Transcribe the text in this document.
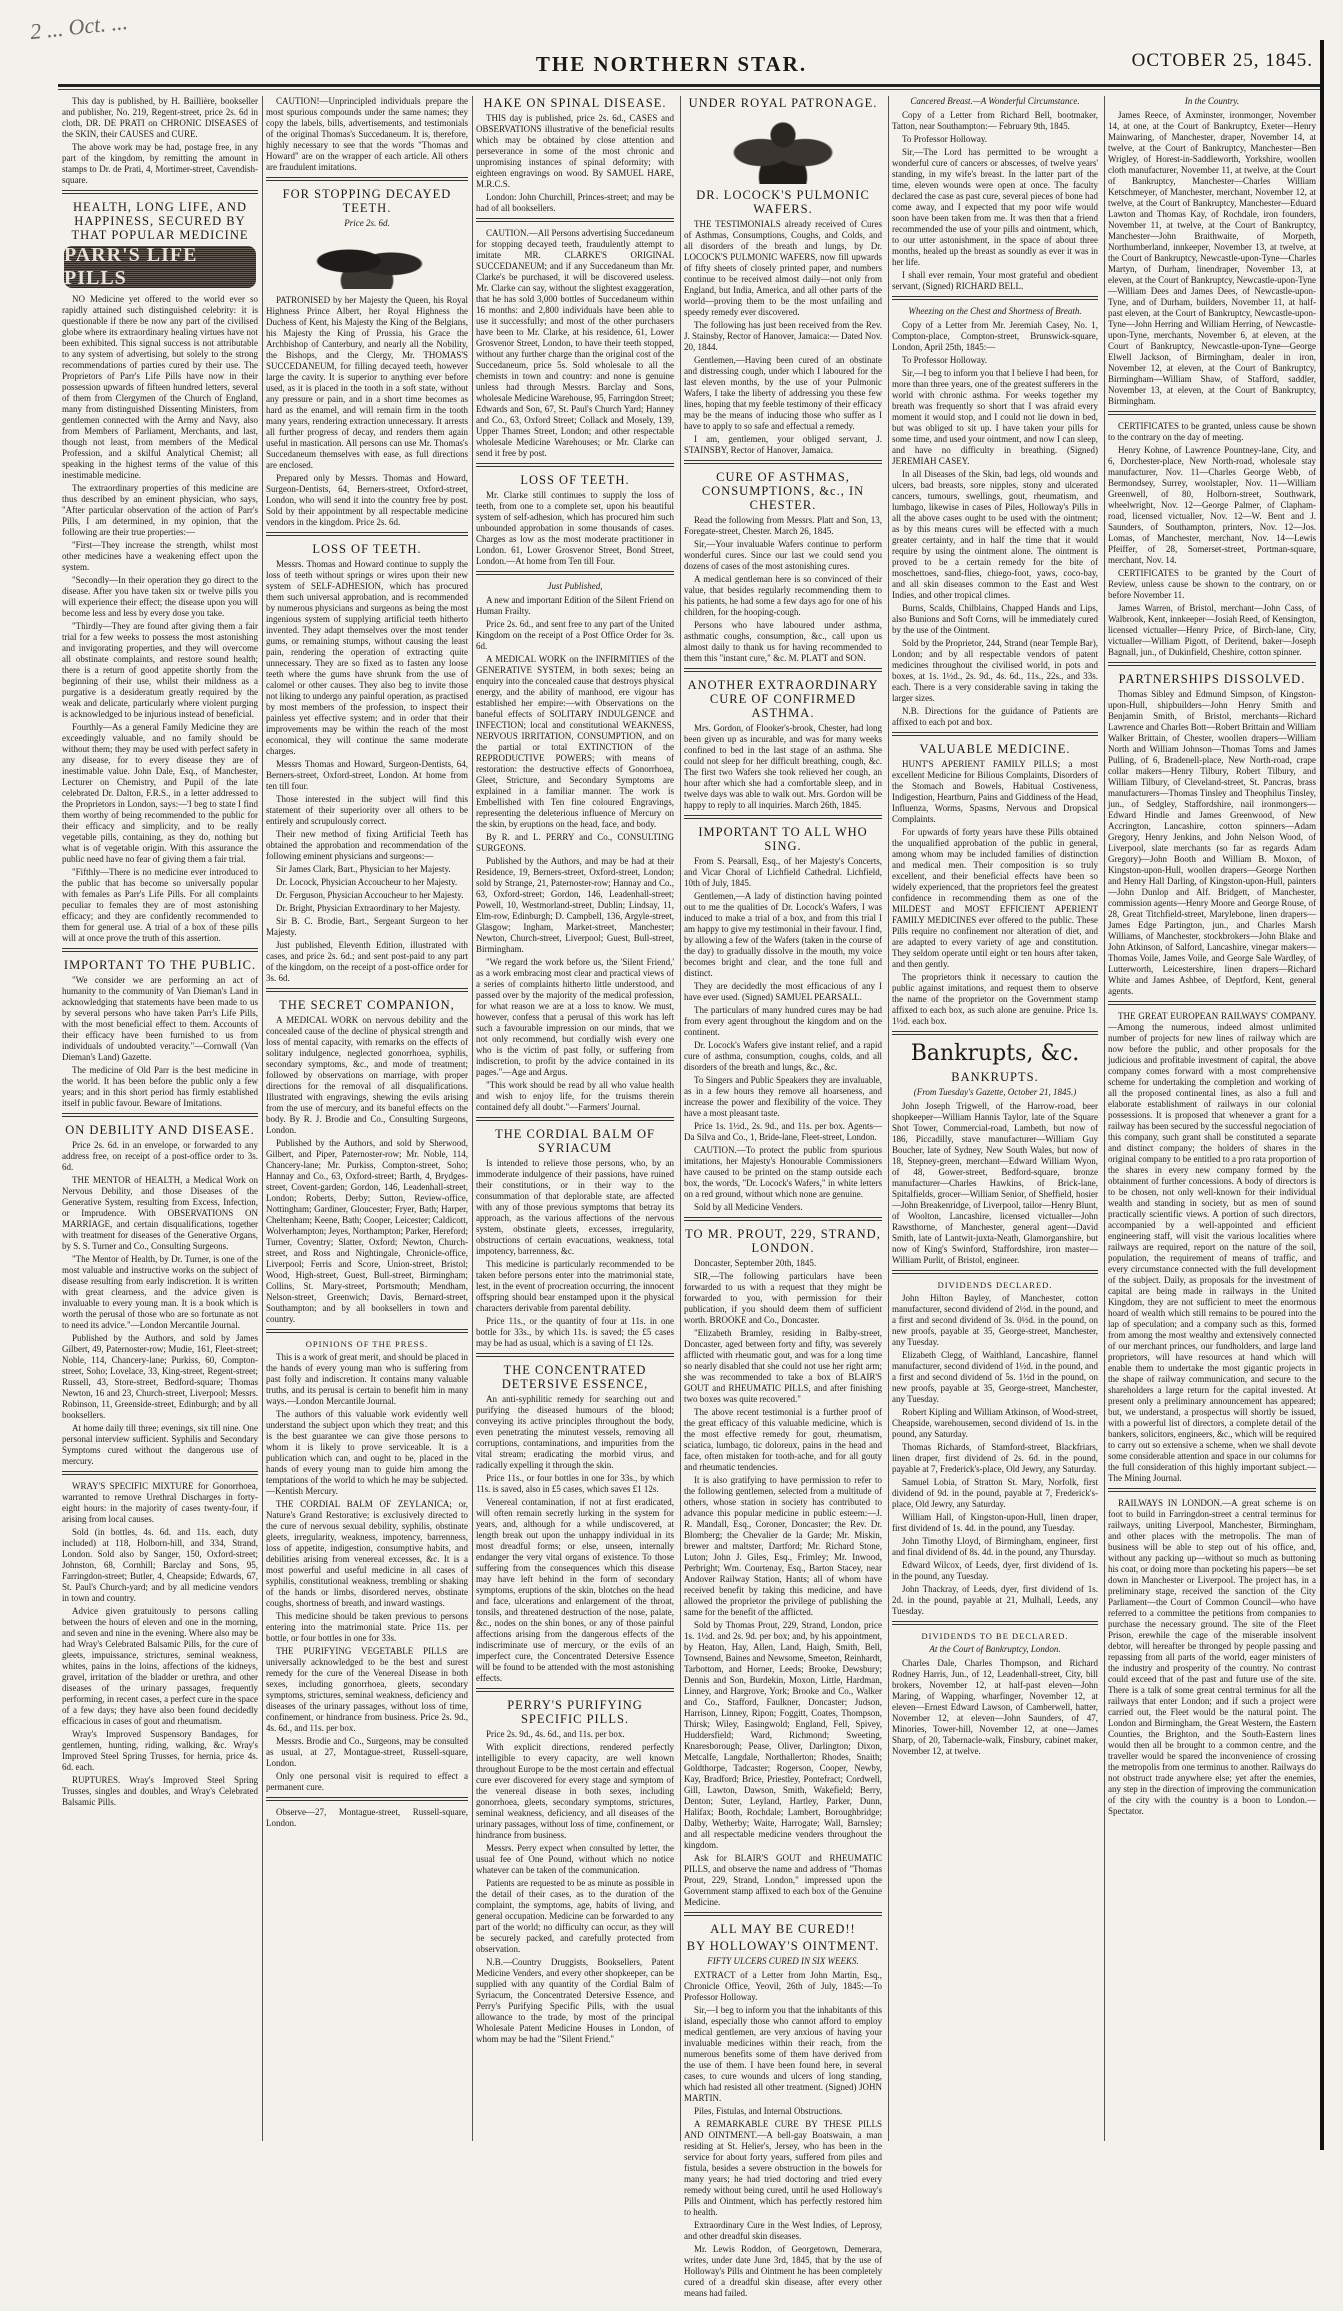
2 ... Oct. ...
THE NORTHERN STAR.	OCTOBER 25, 1845.

This day is published, by H. Baillière, bookseller and publisher, No. 219, Regent-street, price 2s. 6d in cloth, DR. DE PRATI on CHRONIC DISEASES of the SKIN, their CAUSES and CURE.

The above work may be had, postage free, in any part of the kingdom, by remitting the amount in stamps to Dr. de Prati, 4, Mortimer-street, Cavendish-square.

HEALTH, LONG LIFE, AND HAPPINESS, SECURED BY THAT POPULAR MEDICINE
PARR'S LIFE PILLS

NO Medicine yet offered to the world ever so rapidly attained such distinguished celebrity: it is questionable if there be now any part of the civilised globe where its extraordinary healing virtues have not been exhibited. This signal success is not attributable to any system of advertising, but solely to the strong recommendations of parties cured by their use. The Proprietors of Parr's Life Pills have now in their possession upwards of fifteen hundred letters, several of them from Clergymen of the Church of England, many from distinguished Dissenting Ministers, from gentlemen connected with the Army and Navy, also from Members of Parliament, Merchants, and last, though not least, from members of the Medical Profession, and a skilful Analytical Chemist; all speaking in the highest terms of the value of this inestimable medicine.

The extraordinary properties of this medicine are thus described by an eminent physician, who says, "After particular observation of the action of Parr's Pills, I am determined, in my opinion, that the following are their true properties:—

"First—They increase the strength, whilst most other medicines have a weakening effect upon the system.

"Secondly—In their operation they go direct to the disease. After you have taken six or twelve pills you will experience their effect; the disease upon you will become less and less by every dose you take.

"Thirdly—They are found after giving them a fair trial for a few weeks to possess the most astonishing and invigorating properties, and they will overcome all obstinate complaints, and restore sound health; there is a return of good appetite shortly from the beginning of their use, whilst their mildness as a purgative is a desideratum greatly required by the weak and delicate, particularly where violent purging is acknowledged to be injurious instead of beneficial.

Fourthly—As a general Family Medicine they are exceedingly valuable, and no family should be without them; they may be used with perfect safety in any disease, for to every disease they are of inestimable value. John Dale, Esq., of Manchester, Lecturer on Chemistry, and Pupil of the late celebrated Dr. Dalton, F.R.S., in a letter addressed to the Proprietors in London, says:—'I beg to state I find them worthy of being recommended to the public for their efficacy and simplicity, and to be really vegetable pills, containing, as they do, nothing but what is of vegetable origin. With this assurance the public need have no fear of giving them a fair trial.

"Fifthly—There is no medicine ever introduced to the public that has become so universally popular with females as Parr's Life Pills. For all complaints peculiar to females they are of most astonishing efficacy; and they are confidently recommended to them for general use. A trial of a box of these pills will at once prove the truth of this assertion.

IMPORTANT TO THE PUBLIC.

"We consider we are performing an act of humanity to the community of Van Dieman's Land in acknowledging that statements have been made to us by several persons who have taken Parr's Life Pills, with the most beneficial effect to them. Accounts of their efficacy have been furnished to us from individuals of undoubted veracity."—Cornwall (Van Dieman's Land) Gazette.

The medicine of Old Parr is the best medicine in the world. It has been before the public only a few years; and in this short period has firmly established itself in public favour. Beware of Imitations.

ON DEBILITY AND DISEASE.

Price 2s. 6d. in an envelope, or forwarded to any address free, on receipt of a post-office order to 3s. 6d.

THE MENTOR of HEALTH, a Medical Work on Nervous Debility, and those Diseases of the Generative System, resulting from Excess, Infection, or Imprudence. With OBSERVATIONS ON MARRIAGE, and certain disqualifications, together with treatment for diseases of the Generative Organs, by S. S. Turner and Co., Consulting Surgeons.

"The Mentor of Health, by Dr. Turner, is one of the most valuable and instructive works on the subject of disease resulting from early indiscretion. It is written with great clearness, and the advice given is invaluable to every young man. It is a book which is worth the perusal of those who are so fortunate as not to need its advice."—London Mercantile Journal.

Published by the Authors, and sold by James Gilbert, 49, Paternoster-row; Mudie, 161, Fleet-street; Noble, 114, Chancery-lane; Purkiss, 60, Compton-street, Soho; Lovelace, 33, King-street, Regent-street; Russell, 43, Store-street, Bedford-square; Thomas Newton, 16 and 23, Church-street, Liverpool; Messrs. Robinson, 11, Greenside-street, Edinburgh; and by all booksellers.

At home daily till three; evenings, six till nine. One personal interview sufficient. Syphilis and Secondary Symptoms cured without the dangerous use of mercury.

WRAY'S SPECIFIC MIXTURE for Gonorrhoea, warranted to remove Urethral Discharges in forty-eight hours: in the majority of cases twenty-four, if arising from local causes.

Sold (in bottles, 4s. 6d. and 11s. each, duty included) at 118, Holborn-hill, and 334, Strand, London. Sold also by Sanger, 150, Oxford-street; Johnston, 68, Cornhill; Barclay and Sons, 95, Farringdon-street; Butler, 4, Cheapside; Edwards, 67, St. Paul's Church-yard; and by all medicine vendors in town and country.

Advice given gratuitously to persons calling between the hours of eleven and one in the morning, and seven and nine in the evening. Where also may be had Wray's Celebrated Balsamic Pills, for the cure of gleets, impuissance, strictures, seminal weakness, whites, pains in the loins, affections of the kidneys, gravel, irritation of the bladder or urethra, and other diseases of the urinary passages, frequently performing, in recent cases, a perfect cure in the space of a few days; they have also been found decidedly efficacious in cases of gout and rheumatism.

Wray's Improved Suspensory Bandages, for gentlemen, hunting, riding, walking, &c. Wray's Improved Steel Spring Trusses, for hernia, price 4s. 6d. each.

RUPTURES. Wray's Improved Steel Spring Trusses, singles and doubles, and Wray's Celebrated Balsamic Pills.

CAUTION!—Unprincipled individuals prepare the most spurious compounds under the same names; they copy the labels, bills, advertisements, and testimonials of the original Thomas's Succedaneum. It is, therefore, highly necessary to see that the words "Thomas and Howard" are on the wrapper of each article. All others are fraudulent imitations.

FOR STOPPING DECAYED TEETH.
Price 2s. 6d.

PATRONISED by her Majesty the Queen, his Royal Highness Prince Albert, her Royal Highness the Duchess of Kent, his Majesty the King of the Belgians, his Majesty the King of Prussia, his Grace the Archbishop of Canterbury, and nearly all the Nobility, the Bishops, and the Clergy, Mr. THOMAS'S SUCCEDANEUM, for filling decayed teeth, however large the cavity. It is superior to anything ever before used, as it is placed in the tooth in a soft state, without any pressure or pain, and in a short time becomes as hard as the enamel, and will remain firm in the tooth many years, rendering extraction unnecessary. It arrests all further progress of decay, and renders them again useful in mastication. All persons can use Mr. Thomas's Succedaneum themselves with ease, as full directions are enclosed.

Prepared only by Messrs. Thomas and Howard, Surgeon-Dentists, 64, Berners-street, Oxford-street, London, who will send it into the country free by post. Sold by their appointment by all respectable medicine vendors in the kingdom. Price 2s. 6d.

LOSS OF TEETH.

Messrs. Thomas and Howard continue to supply the loss of teeth without springs or wires upon their new system of SELF-ADHESION, which has procured them such universal approbation, and is recommended by numerous physicians and surgeons as being the most ingenious system of supplying artificial teeth hitherto invented. They adapt themselves over the most tender gums, or remaining stumps, without causing the least pain, rendering the operation of extracting quite unnecessary. They are so fixed as to fasten any loose teeth where the gums have shrunk from the use of calomel or other causes. They also beg to invite those not liking to undergo any painful operation, as practised by most members of the profession, to inspect their painless yet effective system; and in order that their improvements may be within the reach of the most economical, they will continue the same moderate charges.

Messrs Thomas and Howard, Surgeon-Dentists, 64, Berners-street, Oxford-street, London. At home from ten till four.

Those interested in the subject will find this statement of their superiority over all others to be entirely and scrupulously correct.

Their new method of fixing Artificial Teeth has obtained the approbation and recommendation of the following eminent physicians and surgeons:—

Sir James Clark, Bart., Physician to her Majesty.

Dr. Locock, Physician Accoucheur to her Majesty.

Dr. Ferguson, Physician Accoucheur to her Majesty.

Dr. Bright, Physician Extraordinary to her Majesty.

Sir B. C. Brodie, Bart., Sergeant Surgeon to her Majesty.

Just published, Eleventh Edition, illustrated with cases, and price 2s. 6d.; and sent post-paid to any part of the kingdom, on the receipt of a post-office order for 3s. 6d.

THE SECRET COMPANION,

A MEDICAL WORK on nervous debility and the concealed cause of the decline of physical strength and loss of mental capacity, with remarks on the effects of solitary indulgence, neglected gonorrhoea, syphilis, secondary symptoms, &c., and mode of treatment; followed by observations on marriage, with proper directions for the removal of all disqualifications. Illustrated with engravings, shewing the evils arising from the use of mercury, and its baneful effects on the body. By R. J. Brodie and Co., Consulting Surgeons, London.

Published by the Authors, and sold by Sherwood, Gilbert, and Piper, Paternoster-row; Mr. Noble, 114, Chancery-lane; Mr. Purkiss, Compton-street, Soho; Hannay and Co., 63, Oxford-street; Barth, 4, Brydges-street, Covent-garden; Gordon, 146, Leadenhall-street, London; Roberts, Derby; Sutton, Review-office, Nottingham; Gardiner, Gloucester; Fryer, Bath; Harper, Cheltenham; Keene, Bath; Cooper, Leicester; Caldicott, Wolverhampton; Jeyes, Northampton; Parker, Hereford; Turner, Coventry; Slatter, Oxford; Newton, Church-street, and Ross and Nightingale, Chronicle-office, Liverpool; Ferris and Score, Union-street, Bristol; Wood, High-street, Guest, Bull-street, Birmingham; Collins, St. Mary-street, Portsmouth; Mendham, Nelson-street, Greenwich; Davis, Bernard-street, Southampton; and by all booksellers in town and country.

OPINIONS OF THE PRESS.

This is a work of great merit, and should be placed in the hands of every young man who is suffering from past folly and indiscretion. It contains many valuable truths, and its perusal is certain to benefit him in many ways.—London Mercantile Journal.

The authors of this valuable work evidently well understand the subject upon which they treat; and this is the best guarantee we can give those persons to whom it is likely to prove serviceable. It is a publication which can, and ought to be, placed in the hands of every young man to guide him among the temptations of the world to which he may be subjected.—Kentish Mercury.

THE CORDIAL BALM OF ZEYLANICA; or, Nature's Grand Restorative; is exclusively directed to the cure of nervous sexual debility, syphilis, obstinate gleets, irregularity, weakness, impotency, barrenness, loss of appetite, indigestion, consumptive habits, and debilities arising from venereal excesses, &c. It is a most powerful and useful medicine in all cases of syphilis, constitutional weakness, trembling or shaking of the hands or limbs, disordered nerves, obstinate coughs, shortness of breath, and inward wastings.

This medicine should be taken previous to persons entering into the matrimonial state. Price 11s. per bottle, or four bottles in one for 33s.

THE PURIFYING VEGETABLE PILLS are universally acknowledged to be the best and surest remedy for the cure of the Venereal Disease in both sexes, including gonorrhoea, gleets, secondary symptoms, strictures, seminal weakness, deficiency and diseases of the urinary passages, without loss of time, confinement, or hindrance from business. Price 2s. 9d., 4s. 6d., and 11s. per box.

Messrs. Brodie and Co., Surgeons, may be consulted as usual, at 27, Montague-street, Russell-square, London.

Only one personal visit is required to effect a permanent cure.

Observe—27, Montague-street, Russell-square, London.

HAKE ON SPINAL DISEASE.

THIS day is published, price 2s. 6d., CASES and OBSERVATIONS illustrative of the beneficial results which may be obtained by close attention and perseverance in some of the most chronic and unpromising instances of spinal deformity; with eighteen engravings on wood. By SAMUEL HARE, M.R.C.S.

London: John Churchill, Princes-street; and may be had of all booksellers.

CAUTION.—All Persons advertising Succedaneum for stopping decayed teeth, fraudulently attempt to imitate MR. CLARKE'S ORIGINAL SUCCEDANEUM; and if any Succedaneum than Mr. Clarke's be purchased, it will be discovered useless. Mr. Clarke can say, without the slightest exaggeration, that he has sold 3,000 bottles of Succedaneum within 16 months: and 2,800 individuals have been able to use it successfully; and most of the other purchasers have been to Mr. Clarke, at his residence, 61, Lower Grosvenor Street, London, to have their teeth stopped, without any further charge than the original cost of the Succedaneum, price 5s. Sold wholesale to all the chemists in town and country: and none is genuine unless had through Messrs. Barclay and Sons, wholesale Medicine Warehouse, 95, Farringdon Street; Edwards and Son, 67, St. Paul's Church Yard; Hanney and Co., 63, Oxford Street; Collack and Mosely, 139, Upper Thames Street, London; and other respectable wholesale Medicine Warehouses; or Mr. Clarke can send it free by post.

LOSS OF TEETH.

Mr. Clarke still continues to supply the loss of teeth, from one to a complete set, upon his beautiful system of self-adhesion, which has procured him such unbounded approbation in some thousands of cases. Charges as low as the most moderate practitioner in London. 61, Lower Grosvenor Street, Bond Street, London.—At home from Ten till Four.

Just Published,

A new and important Edition of the Silent Friend on Human Frailty.

Price 2s. 6d., and sent free to any part of the United Kingdom on the receipt of a Post Office Order for 3s. 6d.

A MEDICAL WORK on the INFIRMITIES of the GENERATIVE SYSTEM, in both sexes; being an enquiry into the concealed cause that destroys physical energy, and the ability of manhood, ere vigour has established her empire:—with Observations on the baneful effects of SOLITARY INDULGENCE and INFECTION; local and constitutional WEAKNESS, NERVOUS IRRITATION, CONSUMPTION, and on the partial or total EXTINCTION of the REPRODUCTIVE POWERS; with means of restoration: the destructive effects of Gonorrhoea, Gleet, Stricture, and Secondary Symptoms are explained in a familiar manner. The work is Embellished with Ten fine coloured Engravings, representing the deleterious influence of Mercury on the skin, by eruptions on the head, face, and body.

By R. and L. PERRY and Co., CONSULTING SURGEONS.

Published by the Authors, and may be had at their Residence, 19, Berners-street, Oxford-street, London; sold by Strange, 21, Paternoster-row; Hannay and Co., 63, Oxford-street; Gordon, 146, Leadenhall-street; Powell, 10, Westmorland-street, Dublin; Lindsay, 11, Elm-row, Edinburgh; D. Campbell, 136, Argyle-street, Glasgow; Ingham, Market-street, Manchester; Newton, Church-street, Liverpool; Guest, Bull-street, Birmingham.

"We regard the work before us, the 'Silent Friend,' as a work embracing most clear and practical views of a series of complaints hitherto little understood, and passed over by the majority of the medical profession, for what reason we are at a loss to know. We must, however, confess that a perusal of this work has left such a favourable impression on our minds, that we not only recommend, but cordially wish every one who is the victim of past folly, or suffering from indiscretion, to profit by the advice contained in its pages."—Age and Argus.

"This work should be read by all who value health and wish to enjoy life, for the truisms therein contained defy all doubt."—Farmers' Journal.

THE CORDIAL BALM OF SYRIACUM

Is intended to relieve those persons, who, by an immoderate indulgence of their passions, have ruined their constitutions, or in their way to the consummation of that deplorable state, are affected with any of those previous symptoms that betray its approach, as the various affections of the nervous system, obstinate gleets, excesses, irregularity, obstructions of certain evacuations, weakness, total impotency, barrenness, &c.

This medicine is particularly recommended to be taken before persons enter into the matrimonial state, lest, in the event of procreation occurring, the innocent offspring should bear enstamped upon it the physical characters derivable from parental debility.

Price 11s., or the quantity of four at 11s. in one bottle for 33s., by which 11s. is saved; the £5 cases may be had as usual, which is a saving of £1 12s.

THE CONCENTRATED DETERSIVE ESSENCE,

An anti-syphilitic remedy for searching out and purifying the diseased humours of the blood; conveying its active principles throughout the body, even penetrating the minutest vessels, removing all corruptions, contaminations, and impurities from the vital stream; eradicating the morbid virus, and radically expelling it through the skin.

Price 11s., or four bottles in one for 33s., by which 11s. is saved, also in £5 cases, which saves £1 12s.

Venereal contamination, if not at first eradicated, will often remain secretly lurking in the system for years, and, although for a while undiscovered, at length break out upon the unhappy individual in its most dreadful forms; or else, unseen, internally endanger the very vital organs of existence. To those suffering from the consequences which this disease may have left behind in the form of secondary symptoms, eruptions of the skin, blotches on the head and face, ulcerations and enlargement of the throat, tonsils, and threatened destruction of the nose, palate, &c., nodes on the shin bones, or any of those painful affections arising from the dangerous effects of the indiscriminate use of mercury, or the evils of an imperfect cure, the Concentrated Detersive Essence will be found to be attended with the most astonishing effects.

PERRY'S PURIFYING SPECIFIC PILLS.

Price 2s. 9d., 4s. 6d., and 11s. per box.

With explicit directions, rendered perfectly intelligible to every capacity, are well known throughout Europe to be the most certain and effectual cure ever discovered for every stage and symptom of the venereal disease in both sexes, including gonorrhoea, gleets, secondary symptoms, strictures, seminal weakness, deficiency, and all diseases of the urinary passages, without loss of time, confinement, or hindrance from business.

Messrs. Perry expect when consulted by letter, the usual fee of One Pound, without which no notice whatever can be taken of the communication.

Patients are requested to be as minute as possible in the detail of their cases, as to the duration of the complaint, the symptoms, age, habits of living, and general occupation. Medicine can be forwarded to any part of the world; no difficulty can occur, as they will be securely packed, and carefully protected from observation.

N.B.—Country Druggists, Booksellers, Patent Medicine Venders, and every other shopkeeper, can be supplied with any quantity of the Cordial Balm of Syriacum, the Concentrated Detersive Essence, and Perry's Purifying Specific Pills, with the usual allowance to the trade, by most of the principal Wholesale Patent Medicine Houses in London, of whom may be had the "Silent Friend."

UNDER ROYAL PATRONAGE.
DR. LOCOCK'S PULMONIC WAFERS.

THE TESTIMONIALS already received of Cures of Asthmas, Consumptions, Coughs, and Colds, and all disorders of the breath and lungs, by Dr. LOCOCK'S PULMONIC WAFERS, now fill upwards of fifty sheets of closely printed paper, and numbers continue to be received almost daily—not only from England, but India, America, and all other parts of the world—proving them to be the most unfailing and speedy remedy ever discovered.

The following has just been received from the Rev. J. Stainsby, Rector of Hanover, Jamaica:— Dated Nov. 20, 1844.

Gentlemen,—Having been cured of an obstinate and distressing cough, under which I laboured for the last eleven months, by the use of your Pulmonic Wafers, I take the liberty of addressing you these few lines, hoping that my feeble testimony of their efficacy may be the means of inducing those who suffer as I have to apply to so safe and effectual a remedy.

I am, gentlemen, your obliged servant, J. STAINSBY, Rector of Hanover, Jamaica.

CURE OF ASTHMAS, CONSUMPTIONS, &c., IN CHESTER.

Read the following from Messrs. Platt and Son, 13, Foregate-street, Chester. March 26, 1845.

Sir,—Your invaluable Wafers continue to perform wonderful cures. Since our last we could send you dozens of cases of the most astonishing cures.

A medical gentleman here is so convinced of their value, that besides regularly recommending them to his patients, he had some a few days ago for one of his children, for the hooping-cough.

Persons who have laboured under asthma, asthmatic coughs, consumption, &c., call upon us almost daily to thank us for having recommended to them this "instant cure," &c. M. PLATT and SON.

ANOTHER EXTRAORDINARY CURE OF CONFIRMED ASTHMA.

Mrs. Gordon, of Flooker's-brook, Chester, had long been given up as incurable, and was for many weeks confined to bed in the last stage of an asthma. She could not sleep for her difficult breathing, cough, &c. The first two Wafers she took relieved her cough, an hour after which she had a comfortable sleep, and in twelve days was able to walk out. Mrs. Gordon will be happy to reply to all inquiries. March 26th, 1845.

IMPORTANT TO ALL WHO SING.

From S. Pearsall, Esq., of her Majesty's Concerts, and Vicar Choral of Lichfield Cathedral. Lichfield, 10th of July, 1845.

Gentlemen,—A lady of distinction having pointed out to me the qualities of Dr. Locock's Wafers, I was induced to make a trial of a box, and from this trial I am happy to give my testimonial in their favour. I find, by allowing a few of the Wafers (taken in the course of the day) to gradually dissolve in the mouth, my voice becomes bright and clear, and the tone full and distinct.

They are decidedly the most efficacious of any I have ever used. (Signed) SAMUEL PEARSALL.

The particulars of many hundred cures may be had from every agent throughout the kingdom and on the continent.

Dr. Locock's Wafers give instant relief, and a rapid cure of asthma, consumption, coughs, colds, and all disorders of the breath and lungs, &c., &c.

To Singers and Public Speakers they are invaluable, as in a few hours they remove all hoarseness, and increase the power and flexibility of the voice. They have a most pleasant taste.

Price 1s. 1½d., 2s. 9d., and 11s. per box. Agents—Da Silva and Co., 1, Bride-lane, Fleet-street, London.

CAUTION.—To protect the public from spurious imitations, her Majesty's Honourable Commissioners have caused to be printed on the stamp outside each box, the words, "Dr. Locock's Wafers," in white letters on a red ground, without which none are genuine.

Sold by all Medicine Venders.

TO MR. PROUT, 229, STRAND, LONDON.

Doncaster, September 20th, 1845.

SIR,—The following particulars have been forwarded to us with a request that they might be forwarded to you, with permission for their publication, if you should deem them of sufficient worth. BROOKE and Co., Doncaster.

"Elizabeth Bramley, residing in Balby-street, Doncaster, aged between forty and fifty, was severely afflicted with rheumatic gout, and was for a long time so nearly disabled that she could not use her right arm; she was recommended to take a box of BLAIR'S GOUT and RHEUMATIC PILLS, and after finishing two boxes was quite recovered."

The above recent testimonial is a further proof of the great efficacy of this valuable medicine, which is the most effective remedy for gout, rheumatism, sciatica, lumbago, tic doloreux, pains in the head and face, often mistaken for tooth-ache, and for all gouty and rheumatic tendencies.

It is also gratifying to have permission to refer to the following gentlemen, selected from a multitude of others, whose station in society has contributed to advance this popular medicine in public esteem:—J. R. Mandall, Esq., Coroner, Doncaster; the Rev. Dr. Blomberg; the Chevalier de la Garde; Mr. Miskin, brewer and maltster, Dartford; Mr. Richard Stone, Luton; John J. Giles, Esq., Frimley; Mr. Inwood, Perbright; Wm. Courtenay, Esq., Barton Stacey, near Andover Railway Station, Hants; all of whom have received benefit by taking this medicine, and have allowed the proprietor the privilege of publishing the same for the benefit of the afflicted.

Sold by Thomas Prout, 229, Strand, London, price 1s. 1½d. and 2s. 9d. per box; and, by his appointment, by Heaton, Hay, Allen, Land, Haigh, Smith, Bell, Townsend, Baines and Newsome, Smeeton, Reinhardt, Tarbottom, and Horner, Leeds; Brooke, Dewsbury; Dennis and Son, Burdekin, Moxon, Little, Hardman, Linney, and Hargrove, York; Brooke and Co., Walker and Co., Stafford, Faulkner, Doncaster; Judson, Harrison, Linney, Ripon; Foggitt, Coates, Thompson, Thirsk; Wiley, Easingwold; England, Fell, Spivey, Huddersfield; Ward, Richmond; Sweeting, Knaresborough; Pease, Oliver, Darlington; Dixon, Metcalfe, Langdale, Northallerton; Rhodes, Snaith; Goldthorpe, Tadcaster; Rogerson, Cooper, Newby, Kay, Bradford; Brice, Priestley, Pontefract; Cordwell, Gill, Lawton, Dawson, Smith, Wakefield; Berry, Denton; Suter, Leyland, Hartley, Parker, Dunn, Halifax; Booth, Rochdale; Lambert, Boroughbridge; Dalby, Wetherby; Waite, Harrogate; Wall, Barnsley; and all respectable medicine venders throughout the kingdom.

Ask for BLAIR'S GOUT and RHEUMATIC PILLS, and observe the name and address of "Thomas Prout, 229, Strand, London," impressed upon the Government stamp affixed to each box of the Genuine Medicine.

ALL MAY BE CURED!!
BY HOLLOWAY'S OINTMENT.
FIFTY ULCERS CURED IN SIX WEEKS.

EXTRACT of a Letter from John Martin, Esq., Chronicle Office, Yeovil, 26th of July, 1845:—To Professor Holloway.

Sir,—I beg to inform you that the inhabitants of this island, especially those who cannot afford to employ medical gentlemen, are very anxious of having your invaluable medicines within their reach, from the numerous benefits some of them have derived from the use of them. I have been found here, in several cases, to cure wounds and ulcers of long standing, which had resisted all other treatment. (Signed) JOHN MARTIN.

Piles, Fistulas, and Internal Obstructions.

A REMARKABLE CURE BY THESE PILLS AND OINTMENT.—A bell-gay Boatswain, a man residing at St. Helier's, Jersey, who has been in the service for about forty years, suffered from piles and fistula, besides a severe obstruction in the bowels for many years; he had tried doctoring and tried every remedy without being cured, until he used Holloway's Pills and Ointment, which has perfectly restored him to health.

Extraordinary Cure in the West Indies, of Leprosy, and other dreadful skin diseases.

Mr. Lewis Roddon, of Georgetown, Demerara, writes, under date June 3rd, 1845, that by the use of Holloway's Pills and Ointment he has been completely cured of a dreadful skin disease, after every other means had failed.

Cancered Breast.—A Wonderful Circumstance.

Copy of a Letter from Richard Bell, bootmaker, Tatton, near Southampton:— February 9th, 1845.

To Professor Holloway.

Sir,—The Lord has permitted to be wrought a wonderful cure of cancers or abscesses, of twelve years' standing, in my wife's breast. In the latter part of the time, eleven wounds were open at once. The faculty declared the case as past cure, several pieces of bone had come away, and I expected that my poor wife would soon have been taken from me. It was then that a friend recommended the use of your pills and ointment, which, to our utter astonishment, in the space of about three months, healed up the breast as soundly as ever it was in her life.

I shall ever remain, Your most grateful and obedient servant, (Signed) RICHARD BELL.

Wheezing on the Chest and Shortness of Breath.

Copy of a Letter from Mr. Jeremiah Casey, No. 1, Compton-place, Compton-street, Brunswick-square, London, April 25th, 1845:—

To Professor Holloway.

Sir,—I beg to inform you that I believe I had been, for more than three years, one of the greatest sufferers in the world with chronic asthma. For weeks together my breath was frequently so short that I was afraid every moment it would stop, and I could not lie down in bed, but was obliged to sit up. I have taken your pills for some time, and used your ointment, and now I can sleep, and have no difficulty in breathing. (Signed) JEREMIAH CASEY.

In all Diseases of the Skin, bad legs, old wounds and ulcers, bad breasts, sore nipples, stony and ulcerated cancers, tumours, swellings, gout, rheumatism, and lumbago, likewise in cases of Piles, Holloway's Pills in all the above cases ought to be used with the ointment; as by this means cures will be effected with a much greater certainty, and in half the time that it would require by using the ointment alone. The ointment is proved to be a certain remedy for the bite of moschettoes, sand-flies, chiego-foot, yaws, coco-bay, and all skin diseases common to the East and West Indies, and other tropical climes.

Burns, Scalds, Chilblains, Chapped Hands and Lips, also Bunions and Soft Corns, will be immediately cured by the use of the Ointment.

Sold by the Proprietor, 244, Strand (near Temple Bar), London; and by all respectable vendors of patent medicines throughout the civilised world, in pots and boxes, at 1s. 1½d., 2s. 9d., 4s. 6d., 11s., 22s., and 33s. each. There is a very considerable saving in taking the larger sizes.

N.B. Directions for the guidance of Patients are affixed to each pot and box.

VALUABLE MEDICINE.

HUNT'S APERIENT FAMILY PILLS; a most excellent Medicine for Bilious Complaints, Disorders of the Stomach and Bowels, Habitual Costiveness, Indigestion, Heartburn, Pains and Giddiness of the Head, Influenza, Worms, Spasms, Nervous and Dropsical Complaints.

For upwards of forty years have these Pills obtained the unqualified approbation of the public in general, among whom may be included families of distinction and medical men. Their composition is so truly excellent, and their beneficial effects have been so widely experienced, that the proprietors feel the greatest confidence in recommending them as one of the MILDEST and MOST EFFICIENT APERIENT FAMILY MEDICINES ever offered to the public. These Pills require no confinement nor alteration of diet, and are adapted to every variety of age and constitution. They seldom operate until eight or ten hours after taken, and then gently.

The proprietors think it necessary to caution the public against imitations, and request them to observe the name of the proprietor on the Government stamp affixed to each box, as such alone are genuine. Price 1s. 1½d. each box.

Bankrupts, &c.
BANKRUPTS.
(From Tuesday's Gazette, October 21, 1845.)

John Joseph Trigwell, of the Harrow-road, beer shopkeeper—William Hannis Taylor, late of the Square Shot Tower, Commercial-road, Lambeth, but now of 186, Piccadilly, stave manufacturer—William Guy Boucher, late of Sydney, New South Wales, but now of 18, Stepney-green, merchant—Edward William Wyon, of 48, Gower-street, Bedford-square, bronze manufacturer—Charles Hawkins, of Brick-lane, Spitalfields, grocer—William Senior, of Sheffield, hosier—John Breakenridge, of Liverpool, tailor—Henry Blunt, of Woolton, Lancashire, licensed victualler—John Rawsthorne, of Manchester, general agent—David Smith, late of Lantwit-juxta-Neath, Glamorganshire, but now of King's Swinford, Staffordshire, iron master—William Purlit, of Bristol, engineer.

DIVIDENDS DECLARED.

John Hilton Bayley, of Manchester, cotton manufacturer, second dividend of 2½d. in the pound, and a first and second dividend of 3s. 0½d. in the pound, on new proofs, payable at 35, George-street, Manchester, any Tuesday.

Elizabeth Clegg, of Waithland, Lancashire, flannel manufacturer, second dividend of 1½d. in the pound, and a first and second dividend of 5s. 1½d in the pound, on new proofs, payable at 35, George-street, Manchester, any Tuesday.

Robert Kipling and William Atkinson, of Wood-street, Cheapside, warehousemen, second dividend of 1s. in the pound, any Saturday.

Thomas Richards, of Stamford-street, Blackfriars, linen draper, first dividend of 2s. 6d. in the pound, payable at 7, Frederick's-place, Old Jewry, any Saturday.

Samuel Lobia, of Stratton St. Mary, Norfolk, first dividend of 9d. in the pound, payable at 7, Frederick's-place, Old Jewry, any Saturday.

William Hall, of Kingston-upon-Hull, linen draper, first dividend of 1s. 4d. in the pound, any Tuesday.

John Timothy Lloyd, of Birmingham, engineer, first and final dividend of 8s. 4d. in the pound, any Thursday.

Edward Wilcox, of Leeds, dyer, first dividend of 1s. in the pound, any Tuesday.

John Thackray, of Leeds, dyer, first dividend of 1s. 2d. in the pound, payable at 21, Mulhall, Leeds, any Tuesday.

DIVIDENDS TO BE DECLARED.
At the Court of Bankruptcy, London.

Charles Dale, Charles Thompson, and Richard Rodney Harris, Jun., of 12, Leadenhall-street, City, bill brokers, November 12, at half-past eleven—John Maring, of Wapping, wharfinger, November 12, at eleven—Ernest Edward Lawson, of Camberwell, hatter, November 12, at eleven—John Saunders, of 47, Minories, Tower-hill, November 12, at one—James Sharp, of 20, Tabernacle-walk, Finsbury, cabinet maker, November 12, at twelve.

In the Country.

James Reece, of Axminster, ironmonger, November 14, at one, at the Court of Bankruptcy, Exeter—Henry Mainwaring, of Manchester, draper, November 14, at twelve, at the Court of Bankruptcy, Manchester—Ben Wrigley, of Horest-in-Saddleworth, Yorkshire, woollen cloth manufacturer, November 11, at twelve, at the Court of Bankruptcy, Manchester—Charles William Ketschmeyer, of Manchester, merchant, November 12, at twelve, at the Court of Bankruptcy, Manchester—Eduard Lawton and Thomas Kay, of Rochdale, iron founders, November 11, at twelve, at the Court of Bankruptcy, Manchester—John Braithwaite, of Morpeth, Northumberland, innkeeper, November 13, at twelve, at the Court of Bankruptcy, Newcastle-upon-Tyne—Charles Martyn, of Durham, linendraper, November 13, at eleven, at the Court of Bankruptcy, Newcastle-upon-Tyne—William Dees and James Dees, of Newcastle-upon-Tyne, and of Durham, builders, November 11, at half-past eleven, at the Court of Bankruptcy, Newcastle-upon-Tyne—John Herring and William Herring, of Newcastle-upon-Tyne, merchants, November 6, at eleven, at the Court of Bankruptcy, Newcastle-upon-Tyne—George Elwell Jackson, of Birmingham, dealer in iron, November 12, at eleven, at the Court of Bankruptcy, Birmingham—William Shaw, of Stafford, saddler, November 13, at eleven, at the Court of Bankruptcy, Birmingham.

CERTIFICATES to be granted, unless cause be shown to the contrary on the day of meeting.

Henry Kohne, of Lawrence Pountney-lane, City, and 6, Dorchester-place, New North-road, wholesale stay manufacturer, Nov. 11—Charles George Webb, of Bermondsey, Surrey, woolstapler, Nov. 11—William Greenwell, of 80, Holborn-street, Southwark, wheelwright, Nov. 12—George Palmer, of Clapham-road, licensed victualler, Nov. 12—W. Bent and J. Saunders, of Southampton, printers, Nov. 12—Jos. Lomas, of Manchester, merchant, Nov. 14—Lewis Pfeiffer, of 28, Somerset-street, Portman-square, merchant, Nov. 14.

CERTIFICATES to be granted by the Court of Review, unless cause be shown to the contrary, on or before November 11.

James Warren, of Bristol, merchant—John Cass, of Walbrook, Kent, innkeeper—Josiah Reed, of Kensington, licensed victualler—Henry Price, of Birch-lane, City, victualler—William Pigott, of Deritend, baker—Joseph Bagnall, jun., of Dukinfield, Cheshire, cotton spinner.

PARTNERSHIPS DISSOLVED.

Thomas Sibley and Edmund Simpson, of Kingston-upon-Hull, shipbuilders—John Henry Smith and Benjamin Smith, of Bristol, merchants—Richard Lawrence and Charles Bott—Robert Brittain and William Walker Brittain, of Chester, woollen drapers—William North and William Johnson—Thomas Toms and James Pulling, of 6, Bradenell-place, New North-road, crape collar makers—Henry Tilbury, Robert Tilbury, and William Tilbury, of Cleveland-street, St. Pancras, brass manufacturers—Thomas Tinsley and Theophilus Tinsley, jun., of Sedgley, Staffordshire, nail ironmongers—Edward Hindle and James Greenwood, of New Accrington, Lancashire, cotton spinners—Adam Gregory, Henry Jenkins, and John Nelson Wood, of Liverpool, slate merchants (so far as regards Adam Gregory)—John Booth and William B. Moxon, of Kingston-upon-Hull, woollen drapers—George Northen and Henry Hall Darling, of Kingston-upon-Hull, painters—John Dunlop and Alf. Bridgett, of Manchester, commission agents—Henry Moore and George Rouse, of 28, Great Titchfield-street, Marylebone, linen drapers—James Edge Partington, jun., and Charles Marsh Williams, of Manchester, stockbrokers—John Blake and John Atkinson, of Salford, Lancashire, vinegar makers—Thomas Voile, James Voile, and George Sale Wardley, of Lutterworth, Leicestershire, linen drapers—Richard White and James Ashbee, of Deptford, Kent, general agents.

THE GREAT EUROPEAN RAILWAYS' COMPANY.—Among the numerous, indeed almost unlimited number of projects for new lines of railway which are now before the public, and other proposals for the judicious and profitable investment of capital, the above company comes forward with a most comprehensive scheme for undertaking the completion and working of all the proposed continental lines, as also a full and elaborate establishment of railways in our colonial possessions. It is proposed that whenever a grant for a railway has been secured by the successful negociation of this company, such grant shall be constituted a separate and distinct company; the holders of shares in the original company to be entitled to a pro rata proportion of the shares in every new company formed by the obtainment of further concessions. A body of directors is to be chosen, not only well-known for their individual wealth and standing in society, but as men of sound practically scientific views. A portion of such directors, accompanied by a well-appointed and efficient engineering staff, will visit the various localities where railways are required, report on the nature of the soil, population, the requirement of means of traffic, and every circumstance connected with the full development of the subject. Daily, as proposals for the investment of capital are being made in railways in the United Kingdom, they are not sufficient to meet the enormous hoard of wealth which still remains to be poured into the lap of speculation; and a company such as this, formed from among the most wealthy and extensively connected of our merchant princes, our fundholders, and large land proprietors, will have resources at hand which will enable them to undertake the most gigantic projects in the shape of railway communication, and secure to the shareholders a large return for the capital invested. At present only a preliminary announcement has appeared; but, we understand, a prospectus will shortly be issued, with a powerful list of directors, a complete detail of the bankers, solicitors, engineers, &c., which will be required to carry out so extensive a scheme, when we shall devote some considerable attention and space in our columns for the full consideration of this highly important subject.—The Mining Journal.

RAILWAYS IN LONDON.—A great scheme is on foot to build in Farringdon-street a central terminus for railways, uniting Liverpool, Manchester, Birmingham, and other places with the metropolis. The man of business will be able to step out of his office, and, without any packing up—without so much as buttoning his coat, or doing more than pocketing his papers—be set down in Manchester or Liverpool. The project has, in a preliminary stage, received the sanction of the City Parliament—the Court of Common Council—who have referred to a committee the petitions from companies to purchase the necessary ground. The site of the Fleet Prison, erewhile the cage of the miserable insolvent debtor, will hereafter be thronged by people passing and repassing from all parts of the world, eager ministers of the industry and prosperity of the country. No contrast could exceed that of the past and future use of the site. There is a talk of some great central terminus for all the railways that enter London; and if such a project were carried out, the Fleet would be the natural point. The London and Birmingham, the Great Western, the Eastern Counties, the Brighton, and the South-Eastern lines would then all be brought to a common centre, and the traveller would be spared the inconvenience of crossing the metropolis from one terminus to another. Railways do not obstruct trade anywhere else; yet after the enemies, any step in the direction of improving the communication of the city with the country is a boon to London.—Spectator.
